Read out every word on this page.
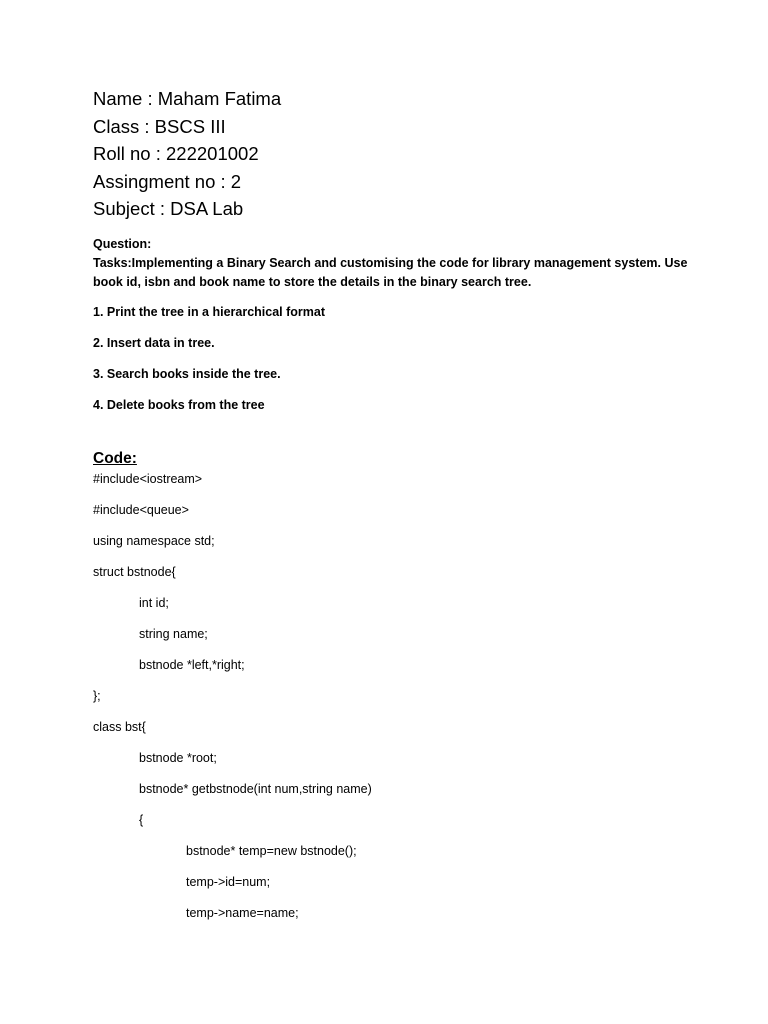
Name : Maham Fatima
Class : BSCS III
Roll no : 222201002
Assingment no : 2
Subject : DSA Lab
Question:
Tasks:Implementing a Binary Search and customising the code for library management system. Use book id, isbn and book name to store the details in the binary search tree.
1. Print the tree in a hierarchical format
2. Insert data in tree.
3. Search books inside the tree.
4. Delete books from the tree
Code:
#include<iostream>
#include<queue>
using namespace std;
struct bstnode{
int id;
string name;
bstnode *left,*right;
};
class bst{
bstnode *root;
bstnode* getbstnode(int num,string name)
{
bstnode* temp=new bstnode();
temp->id=num;
temp->name=name;
